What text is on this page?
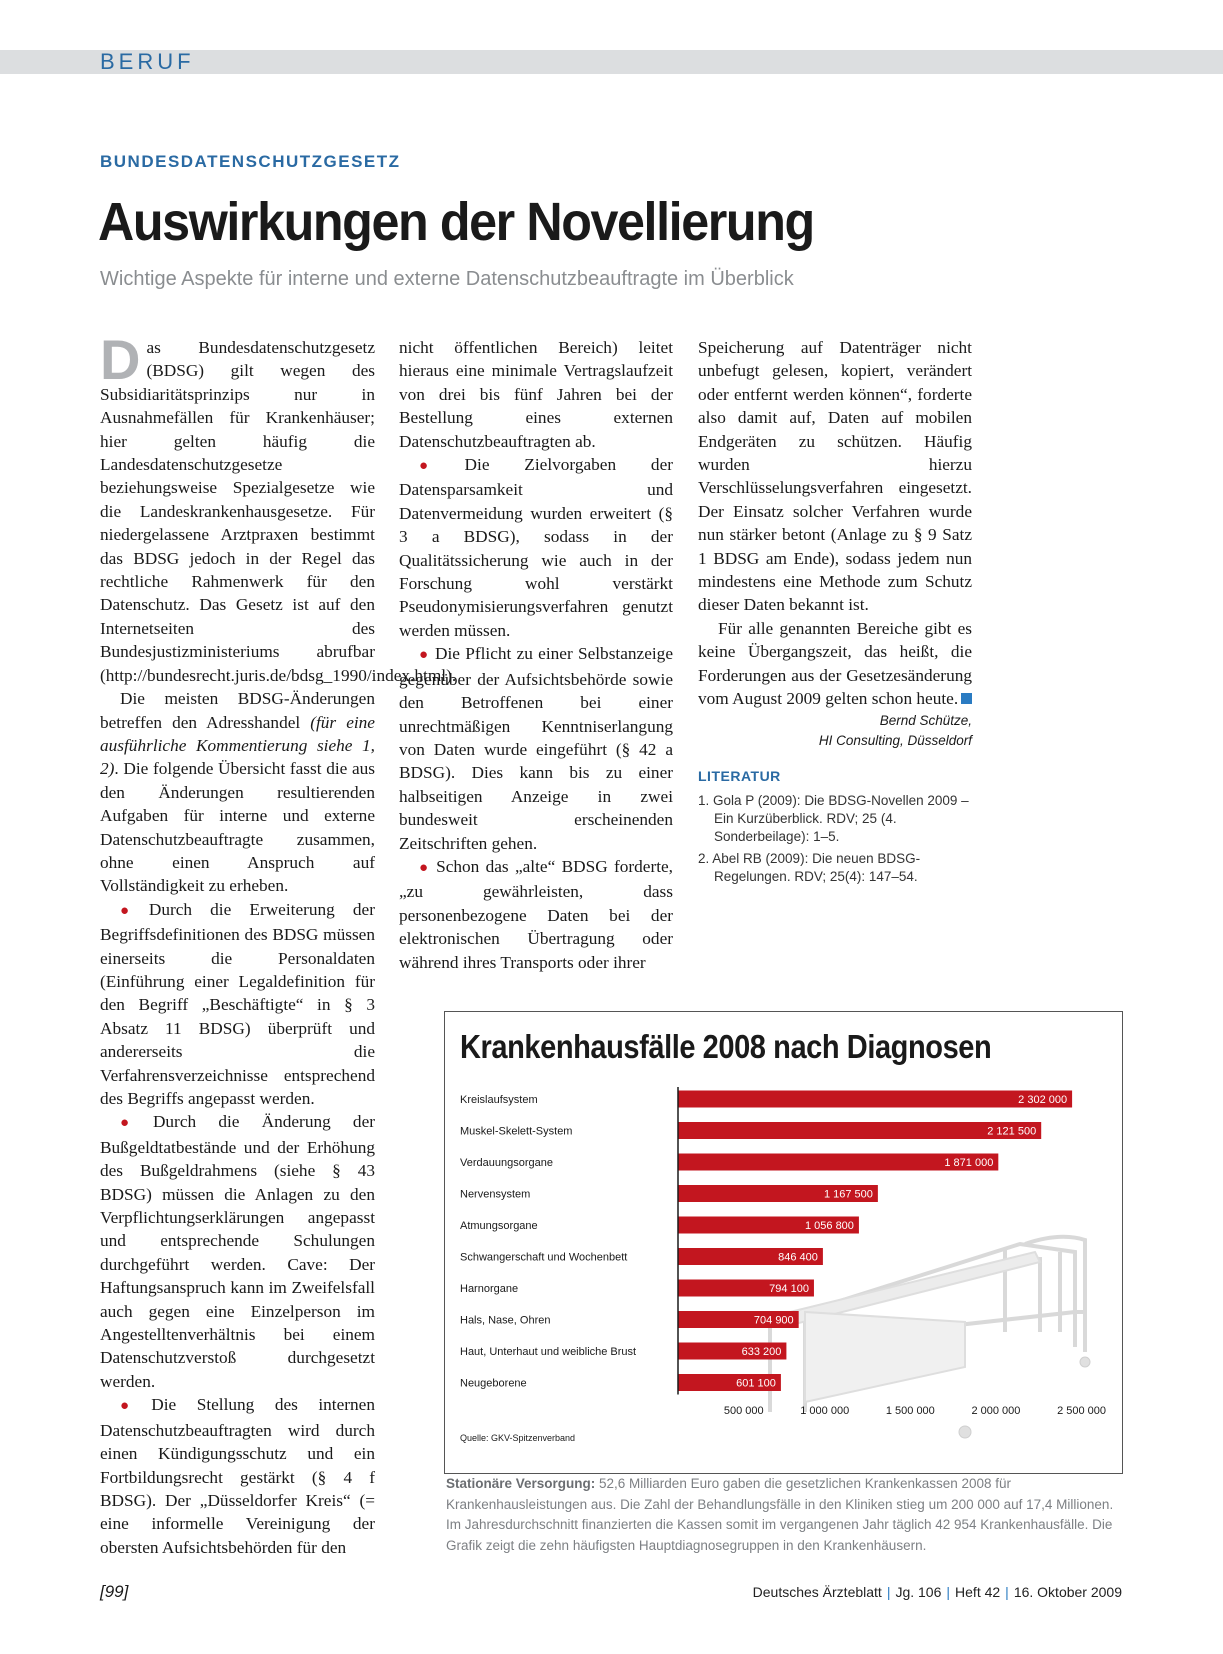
BERUF
BUNDESDATENSCHUTZGESETZ
Auswirkungen der Novellierung
Wichtige Aspekte für interne und externe Datenschutzbeauftragte im Überblick

Das Bundesdatenschutzgesetz (BDSG) gilt wegen des Subsidiaritätsprinzips nur in Ausnahmefällen für Krankenhäuser; hier gelten häufig die Landesdatenschutzgesetze beziehungsweise Spezialgesetze wie die Landeskrankenhausgesetze. Für niedergelassene Arztpraxen bestimmt das BDSG jedoch in der Regel das rechtliche Rahmenwerk für den Datenschutz. Das Gesetz ist auf den Internetseiten des Bundesjustizministeriums abrufbar (http://bundesrecht.juris.de/bdsg_1990/index.html).

Die meisten BDSG-Änderungen betreffen den Adresshandel (für eine ausführliche Kommentierung siehe 1, 2). Die folgende Übersicht fasst die aus den Änderungen resultierenden Aufgaben für interne und externe Datenschutzbeauftragte zusammen, ohne einen Anspruch auf Vollständigkeit zu erheben.

● Durch die Erweiterung der Begriffsdefinitionen des BDSG müssen einerseits die Personaldaten (Einführung einer Legaldefinition für den Begriff „Beschäftigte“ in § 3 Absatz 11 BDSG) überprüft und andererseits die Verfahrensverzeichnisse entsprechend des Begriffs angepasst werden.

● Durch die Änderung der Bußgeldtatbestände und der Erhöhung des Bußgeldrahmens (siehe § 43 BDSG) müssen die Anlagen zu den Verpflichtungserklärungen angepasst und entsprechende Schulungen durchgeführt werden. Cave: Der Haftungsanspruch kann im Zweifelsfall auch gegen eine Einzelperson im Angestelltenverhältnis bei einem Datenschutzverstoß durchgesetzt werden.

● Die Stellung des internen Datenschutzbeauftragten wird durch einen Kündigungsschutz und ein Fortbildungsrecht gestärkt (§ 4 f BDSG). Der „Düsseldorfer Kreis“ (= eine informelle Vereinigung der obersten Aufsichtsbehörden für den

nicht öffentlichen Bereich) leitet hieraus eine minimale Vertragslaufzeit von drei bis fünf Jahren bei der Bestellung eines externen Datenschutzbeauftragten ab.

● Die Zielvorgaben der Datensparsamkeit und Datenvermeidung wurden erweitert (§ 3 a BDSG), sodass in der Qualitätssicherung wie auch in der Forschung wohl verstärkt Pseudonymisierungsverfahren genutzt werden müssen.

● Die Pflicht zu einer Selbstanzeige gegenüber der Aufsichtsbehörde sowie den Betroffenen bei einer unrechtmäßigen Kenntniserlangung von Daten wurde eingeführt (§ 42 a BDSG). Dies kann bis zu einer halbseitigen Anzeige in zwei bundesweit erscheinenden Zeitschriften gehen.

● Schon das „alte“ BDSG forderte, „zu gewährleisten, dass personenbezogene Daten bei der elektronischen Übertragung oder während ihres Transports oder ihrer

Speicherung auf Datenträger nicht unbefugt gelesen, kopiert, verändert oder entfernt werden können“, forderte also damit auf, Daten auf mobilen Endgeräten zu schützen. Häufig wurden hierzu Verschlüsselungsverfahren eingesetzt. Der Einsatz solcher Verfahren wurde nun stärker betont (Anlage zu § 9 Satz 1 BDSG am Ende), sodass jedem nun mindestens eine Methode zum Schutz dieser Daten bekannt ist.

Für alle genannten Bereiche gibt es keine Übergangszeit, das heißt, die Forderungen aus der Gesetzesänderung vom August 2009 gelten schon heute.

Bernd Schütze,
HI Consulting, Düsseldorf
LITERATUR
1. Gola P (2009): Die BDSG-Novellen 2009 – Ein Kurzüberblick. RDV; 25 (4. Sonderbeilage): 1–5.
2. Abel RB (2009): Die neuen BDSG-Regelungen. RDV; 25(4): 147–54.
Krankenhausfälle 2008 nach Diagnosen
Kreislaufsystem	2 302 000
Muskel-Skelett-System	2 121 500
Verdauungsorgane	1 871 000
Nervensystem	1 167 500
Atmungsorgane	1 056 800
Schwangerschaft und Wochenbett	846 400
Harnorgane	794 100
Hals, Nase, Ohren	704 900
Haut, Unterhaut und weibliche Brust	633 200
Neugeborene	601 100
500 000	1 000 000	1 500 000	2 000 000	2 500 000
Quelle: GKV-Spitzenverband
Stationäre Versorgung: 52,6 Milliarden Euro gaben die gesetzlichen Krankenkassen 2008 für Krankenhausleistungen aus. Die Zahl der Behandlungsfälle in den Kliniken stieg um 200 000 auf 17,4 Millionen. Im Jahresdurchschnitt finanzierten die Kassen somit im vergangenen Jahr täglich 42 954 Krankenhausfälle. Die Grafik zeigt die zehn häufigsten Hauptdiagnosegruppen in den Krankenhäusern.
[99]	Deutsches Ärzteblatt | Jg. 106 | Heft 42 | 16. Oktober 2009
